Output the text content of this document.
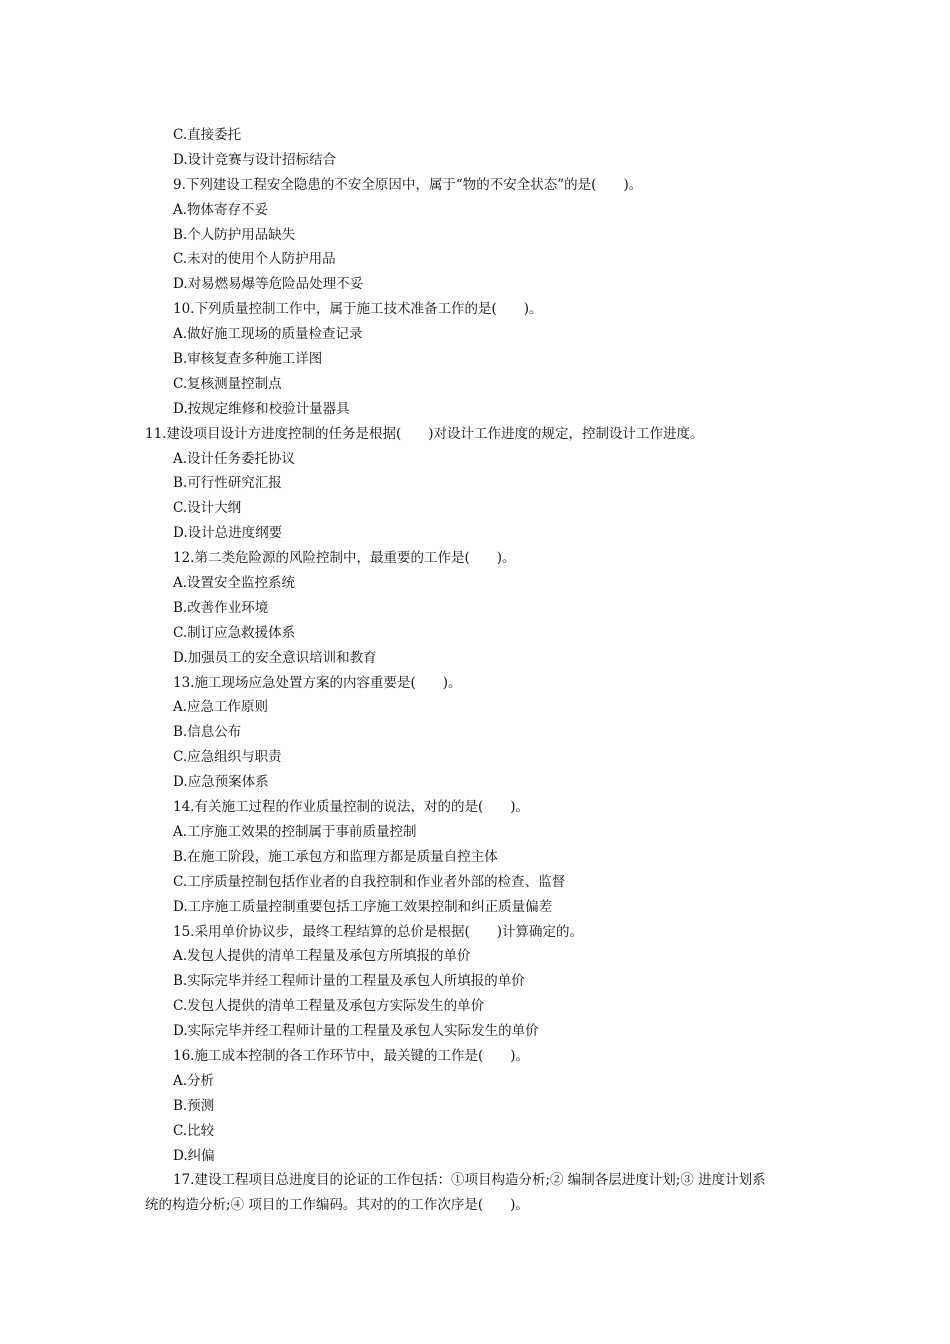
C.直接委托
D.设计竞赛与设计招标结合
9.下列建设工程安全隐患的不安全原因中，属于“物的不安全状态”的是(　　)。
A.物体寄存不妥
B.个人防护用品缺失
C.未对的使用个人防护用品
D.对易燃易爆等危险品处理不妥
10.下列质量控制工作中，属于施工技术准备工作的是(　　)。
A.做好施工现场的质量检查记录
B.审核复查多种施工详图
C.复核测量控制点
D.按规定维修和校验计量器具
11.建设项目设计方进度控制的任务是根据(　　)对设计工作进度的规定，控制设计工作进度。
A.设计任务委托协议
B.可行性研究汇报
C.设计大纲
D.设计总进度纲要
12.第二类危险源的风险控制中，最重要的工作是(　　)。
A.设置安全监控系统
B.改善作业环境
C.制订应急救援体系
D.加强员工的安全意识培训和教育
13.施工现场应急处置方案的内容重要是(　　)。
A.应急工作原则
B.信息公布
C.应急组织与职责
D.应急预案体系
14.有关施工过程的作业质量控制的说法，对的的是(　　)。
A.工序施工效果的控制属于事前质量控制
B.在施工阶段，施工承包方和监理方都是质量自控主体
C.工序质量控制包括作业者的自我控制和作业者外部的检查、监督
D.工序施工质量控制重要包括工序施工效果控制和纠正质量偏差
15.采用单价协议步，最终工程结算的总价是根据(　　)计算确定的。
A.发包人提供的清单工程量及承包方所填报的单价
B.实际完毕并经工程师计量的工程量及承包人所填报的单价
C.发包人提供的清单工程量及承包方实际发生的单价
D.实际完毕并经工程师计量的工程量及承包人实际发生的单价
16.施工成本控制的各工作环节中，最关键的工作是(　　)。
A.分析
B.预测
C.比较
D.纠偏
17.建设工程项目总进度目的论证的工作包括：①项目构造分析;② 编制各层进度计划;③ 进度计划系
统的构造分析;④ 项目的工作编码。其对的的工作次序是(　　)。
